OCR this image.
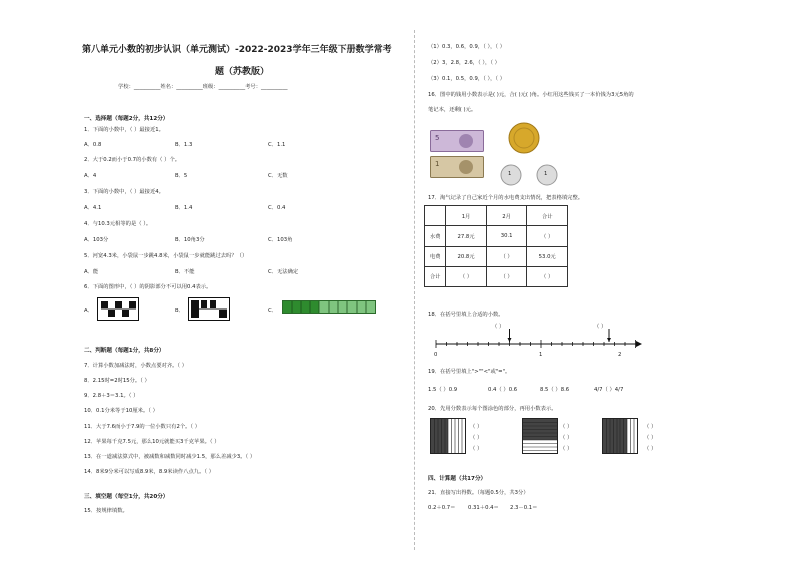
第八单元小数的初步认识（单元测试）-2022-2023学年三年级下册数学常考
题（苏教版）
学校：__________姓名：__________班级：__________考号：__________
一、选择题（每题2分，共12分）
1．下面的小数中，（ ）最接近1。
A．0.8	B．1.3	C．1.1
2．大于0.2而小于0.7的小数有（ ）个。
A．4	B．5	C．无数
3．下面的小数中，（ ）最接近4。
A．4.1	B．1.4	C．0.4
4．与10.3元相等的是（ ）。
A．103分	B．10角3分	C．103角
5．河宽4.3米，小袋鼠一步跳4.8米，小袋鼠一步就能跳过去吗？（）
A．能	B．不能	C．无法确定
6．下面的图形中，（ ）的阴影部分不可以用0.4表示。
A．	B．	C．
二、判断题（每题1分，共8分）
7．计算小数加减法时，小数点要对齐。（ ）
8．2.15时=2时15分。（ ）
9．2.8＋3＝3.1。（ ）
10．0.1分米等于10厘米。（ ）
11．大于7.6而小于7.9的一位小数只有2个。（ ）
12．苹果每千克7.5元，那么10元就能买3千克苹果。（ ）
13．在一道减法算式中，被减数和减数同时减少1.5，那么差减少3。（ ）
14．8米9分米可以写成8.9米，8.9米读作八点九。（ ）
三、填空题（每空1分，共20分）
15．按规律填数。
（1）0.3，0.6，0.9，（ ），（ ）
（2）3，2.8，2.6，（ ），（ ）
（3）0.1，0.5，0.9，（ ），（ ）
16．图中的钱用小数表示是( )元，合( )元( )角。小红用这些钱买了一本价钱为3元5角的
笔记本，还剩( )元。
5
1
1	1
17．淘气记录了自己家近个月的水电费支出情况，把表格填完整。
	1月	2月	合计
水费	27.8元	30.1	（ ）
电费	20.8元	（ ）	53.0元
合计	（ ）	（ ）	（ ）
18．在括号里填上合适的小数。
（ ）	（ ）
0	1	2
19．在括号里填上">""<"或"="。
1.5（ ）0.9	0.4（ ）0.6	8.5（ ）8.6	4/7（ ）4/7
20．先用分数表示每个图涂色的部分，再用小数表示。
（ ）
（ ）
（ ）
（ ）
（ ）
（ ）
（ ）
（ ）
（ ）
四、计算题（共17分）
21．直接写出得数。（每题0.5分，共3分）
0.2＋0.7＝ 0.31＋0.4＝ 2.3－0.1＝
